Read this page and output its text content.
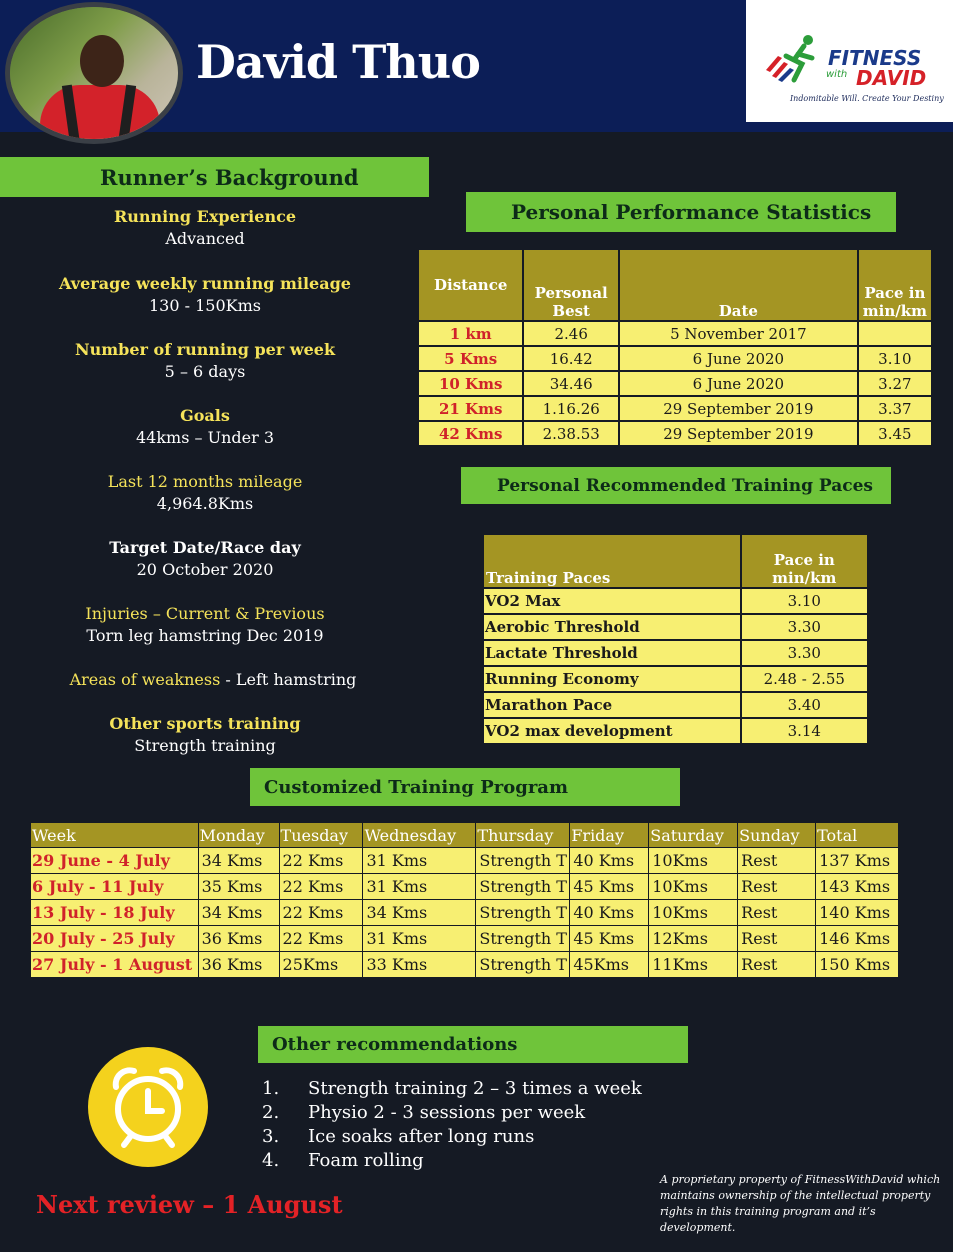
David Thuo	FITNESS
with DAVID
Indomitable Will. Create Your Destiny
Runner’s Background
Running Experience
Advanced
Average weekly running mileage
130 - 150Kms
Number of running per week
5 – 6 days
Goals
44kms – Under 3
Last 12 months mileage
4,964.8Kms
Target Date/Race day
20 October 2020
Injuries – Current & Previous
Torn leg hamstring Dec 2019
Areas of weakness - Left hamstring
Other sports training
Strength training
Personal Performance Statistics
Distance	Personal Best	Date	Pace in min/km
1 km	2.46	5 November 2017	
5 Kms	16.42	6 June 2020	3.10
10 Kms	34.46	6 June 2020	3.27
21 Kms	1.16.26	29 September 2019	3.37
42 Kms	2.38.53	29 September 2019	3.45
Personal Recommended Training Paces
Training Paces	Pace in min/km
VO2 Max	3.10
Aerobic Threshold	3.30
Lactate Threshold	3.30
Running Economy	2.48 - 2.55
Marathon Pace	3.40
VO2 max development	3.14
Customized Training Program
Week	Monday	Tuesday	Wednesday	Thursday	Friday	Saturday	Sunday	Total
29 June - 4 July	34 Kms	22 Kms	31 Kms	Strength T	40 Kms	10Kms	Rest	137 Kms
6 July - 11 July	35 Kms	22 Kms	31 Kms	Strength T	45 Kms	10Kms	Rest	143 Kms
13 July - 18 July	34 Kms	22 Kms	34 Kms	Strength T	40 Kms	10Kms	Rest	140 Kms
20 July - 25 July	36 Kms	22 Kms	31 Kms	Strength T	45 Kms	12Kms	Rest	146 Kms
27 July - 1 August	36 Kms	25Kms	33 Kms	Strength T	45Kms	11Kms	Rest	150 Kms
Other recommendations
1.	Strength training 2 – 3 times a week
2.	Physio 2 - 3 sessions per week
3.	Ice soaks after long runs
4.	Foam rolling
Next review – 1 August
A proprietary property of FitnessWithDavid which maintains ownership of the intellectual property rights in this training program and it’s development.
